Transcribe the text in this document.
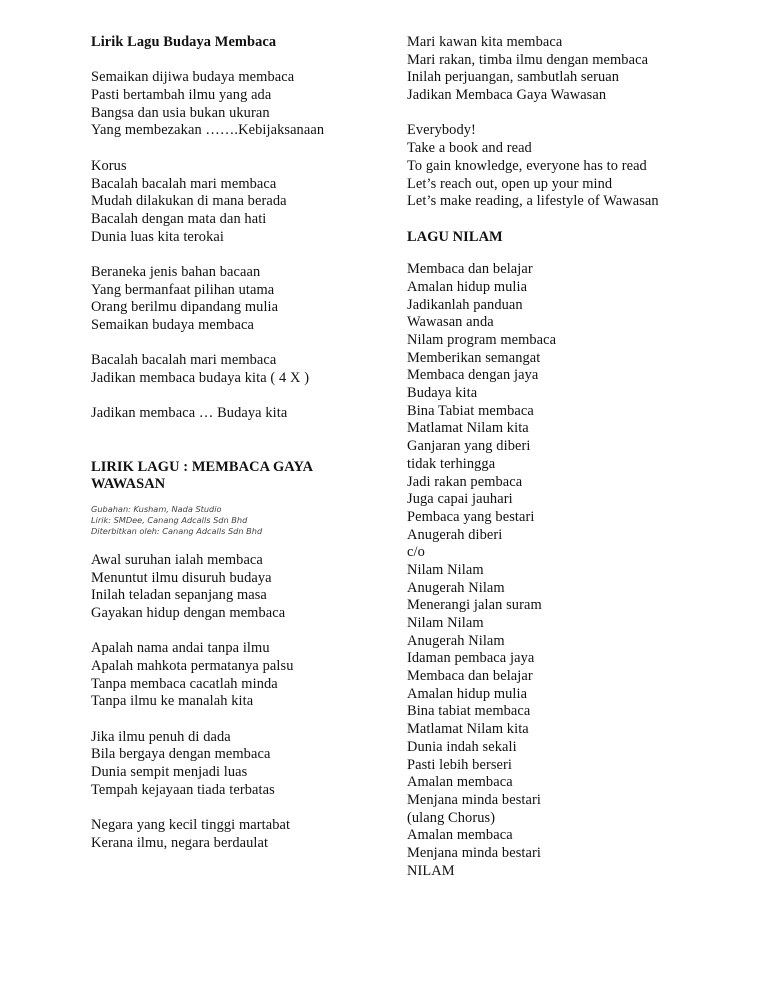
Lirik Lagu Budaya Membaca
Semaikan dijiwa budaya membaca
Pasti bertambah ilmu yang ada
Bangsa dan usia bukan ukuran
Yang membezakan …….Kebijaksanaan
Korus
Bacalah bacalah mari membaca
Mudah dilakukan di mana berada
Bacalah dengan mata dan hati
Dunia luas kita terokai
Beraneka jenis bahan bacaan
Yang bermanfaat pilihan utama
Orang berilmu dipandang mulia
Semaikan budaya membaca
Bacalah bacalah mari membaca
Jadikan membaca budaya kita ( 4 X )
Jadikan membaca … Budaya kita
LIRIK LAGU : MEMBACA GAYA
WAWASAN
Gubahan: Kusham, Nada Studio
Lirik: SMDee, Canang Adcalls Sdn Bhd
Diterbitkan oleh: Canang Adcalls Sdn Bhd
Awal suruhan ialah membaca
Menuntut ilmu disuruh budaya
Inilah teladan sepanjang masa
Gayakan hidup dengan membaca
Apalah nama andai tanpa ilmu
Apalah mahkota permatanya palsu
Tanpa membaca cacatlah minda
Tanpa ilmu ke manalah kita
Jika ilmu penuh di dada
Bila bergaya dengan membaca
Dunia sempit menjadi luas
Tempah kejayaan tiada terbatas
Negara yang kecil tinggi martabat
Kerana ilmu, negara berdaulat
Mari kawan kita membaca
Mari rakan, timba ilmu dengan membaca
Inilah perjuangan, sambutlah seruan
Jadikan Membaca Gaya Wawasan
Everybody!
Take a book and read
To gain knowledge, everyone has to read
Let’s reach out, open up your mind
Let’s make reading, a lifestyle of Wawasan
LAGU NILAM
Membaca dan belajar
Amalan hidup mulia
Jadikanlah panduan
Wawasan anda
Nilam program membaca
Memberikan semangat
Membaca dengan jaya
Budaya kita
Bina Tabiat membaca
Matlamat Nilam kita
Ganjaran yang diberi
tidak terhingga
Jadi rakan pembaca
Juga capai jauhari
Pembaca yang bestari
Anugerah diberi
c/o
Nilam Nilam
Anugerah Nilam
Menerangi jalan suram
Nilam Nilam
Anugerah Nilam
Idaman pembaca jaya
Membaca dan belajar
Amalan hidup mulia
Bina tabiat membaca
Matlamat Nilam kita
Dunia indah sekali
Pasti lebih berseri
Amalan membaca
Menjana minda bestari
(ulang Chorus)
Amalan membaca
Menjana minda bestari
NILAM
